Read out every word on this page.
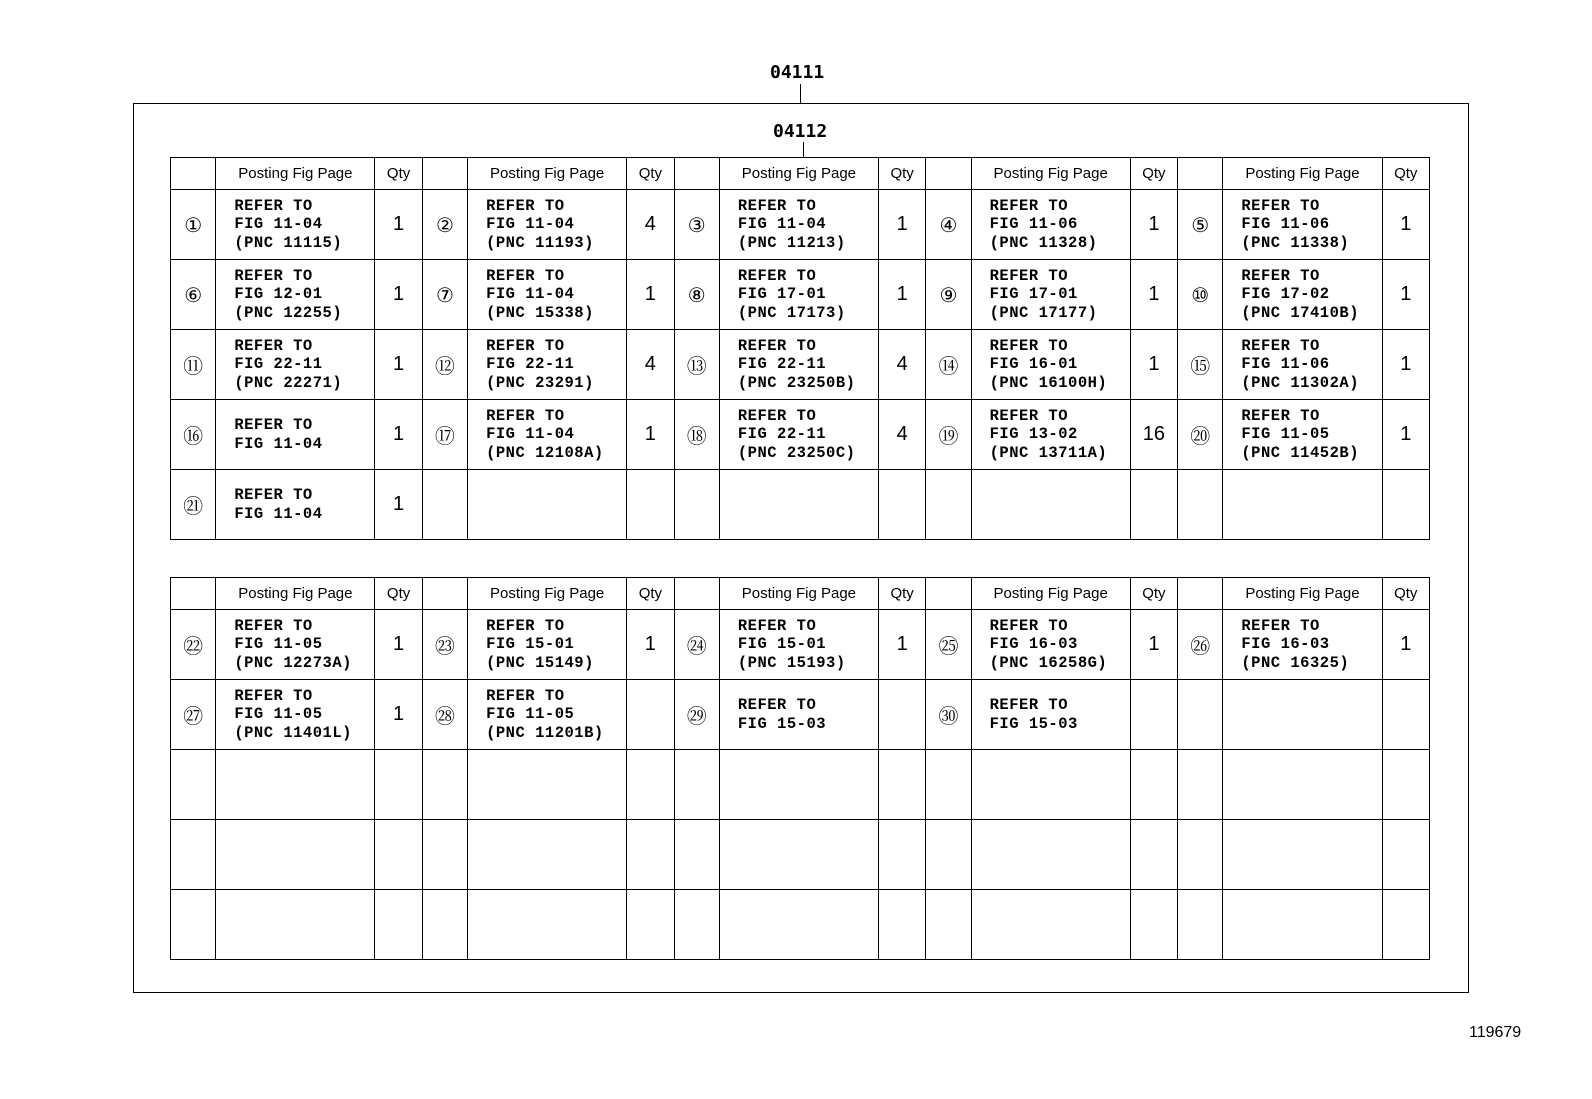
04111
04112
	Posting Fig Page	Qty		Posting Fig Page	Qty		Posting Fig Page	Qty		Posting Fig Page	Qty		Posting Fig Page	Qty
①	REFER TO
FIG 11-04
(PNC 11115)	1	②	REFER TO
FIG 11-04
(PNC 11193)	4	③	REFER TO
FIG 11-04
(PNC 11213)	1	④	REFER TO
FIG 11-06
(PNC 11328)	1	⑤	REFER TO
FIG 11-06
(PNC 11338)	1
⑥	REFER TO
FIG 12-01
(PNC 12255)	1	⑦	REFER TO
FIG 11-04
(PNC 15338)	1	⑧	REFER TO
FIG 17-01
(PNC 17173)	1	⑨	REFER TO
FIG 17-01
(PNC 17177)	1	⑩	REFER TO
FIG 17-02
(PNC 17410B)	1
⑪	REFER TO
FIG 22-11
(PNC 22271)	1	⑫	REFER TO
FIG 22-11
(PNC 23291)	4	⑬	REFER TO
FIG 22-11
(PNC 23250B)	4	⑭	REFER TO
FIG 16-01
(PNC 16100H)	1	⑮	REFER TO
FIG 11-06
(PNC 11302A)	1
⑯	REFER TO
FIG 11-04	1	⑰	REFER TO
FIG 11-04
(PNC 12108A)	1	⑱	REFER TO
FIG 22-11
(PNC 23250C)	4	⑲	REFER TO
FIG 13-02
(PNC 13711A)	16	⑳	REFER TO
FIG 11-05
(PNC 11452B)	1
㉑	REFER TO
FIG 11-04	1												
	Posting Fig Page	Qty		Posting Fig Page	Qty		Posting Fig Page	Qty		Posting Fig Page	Qty		Posting Fig Page	Qty
㉒	REFER TO
FIG 11-05
(PNC 12273A)	1	㉓	REFER TO
FIG 15-01
(PNC 15149)	1	㉔	REFER TO
FIG 15-01
(PNC 15193)	1	㉕	REFER TO
FIG 16-03
(PNC 16258G)	1	㉖	REFER TO
FIG 16-03
(PNC 16325)	1
㉗	REFER TO
FIG 11-05
(PNC 11401L)	1	㉘	REFER TO
FIG 11-05
(PNC 11201B)		㉙	REFER TO
FIG 15-03		㉚	REFER TO
FIG 15-03				

119679
